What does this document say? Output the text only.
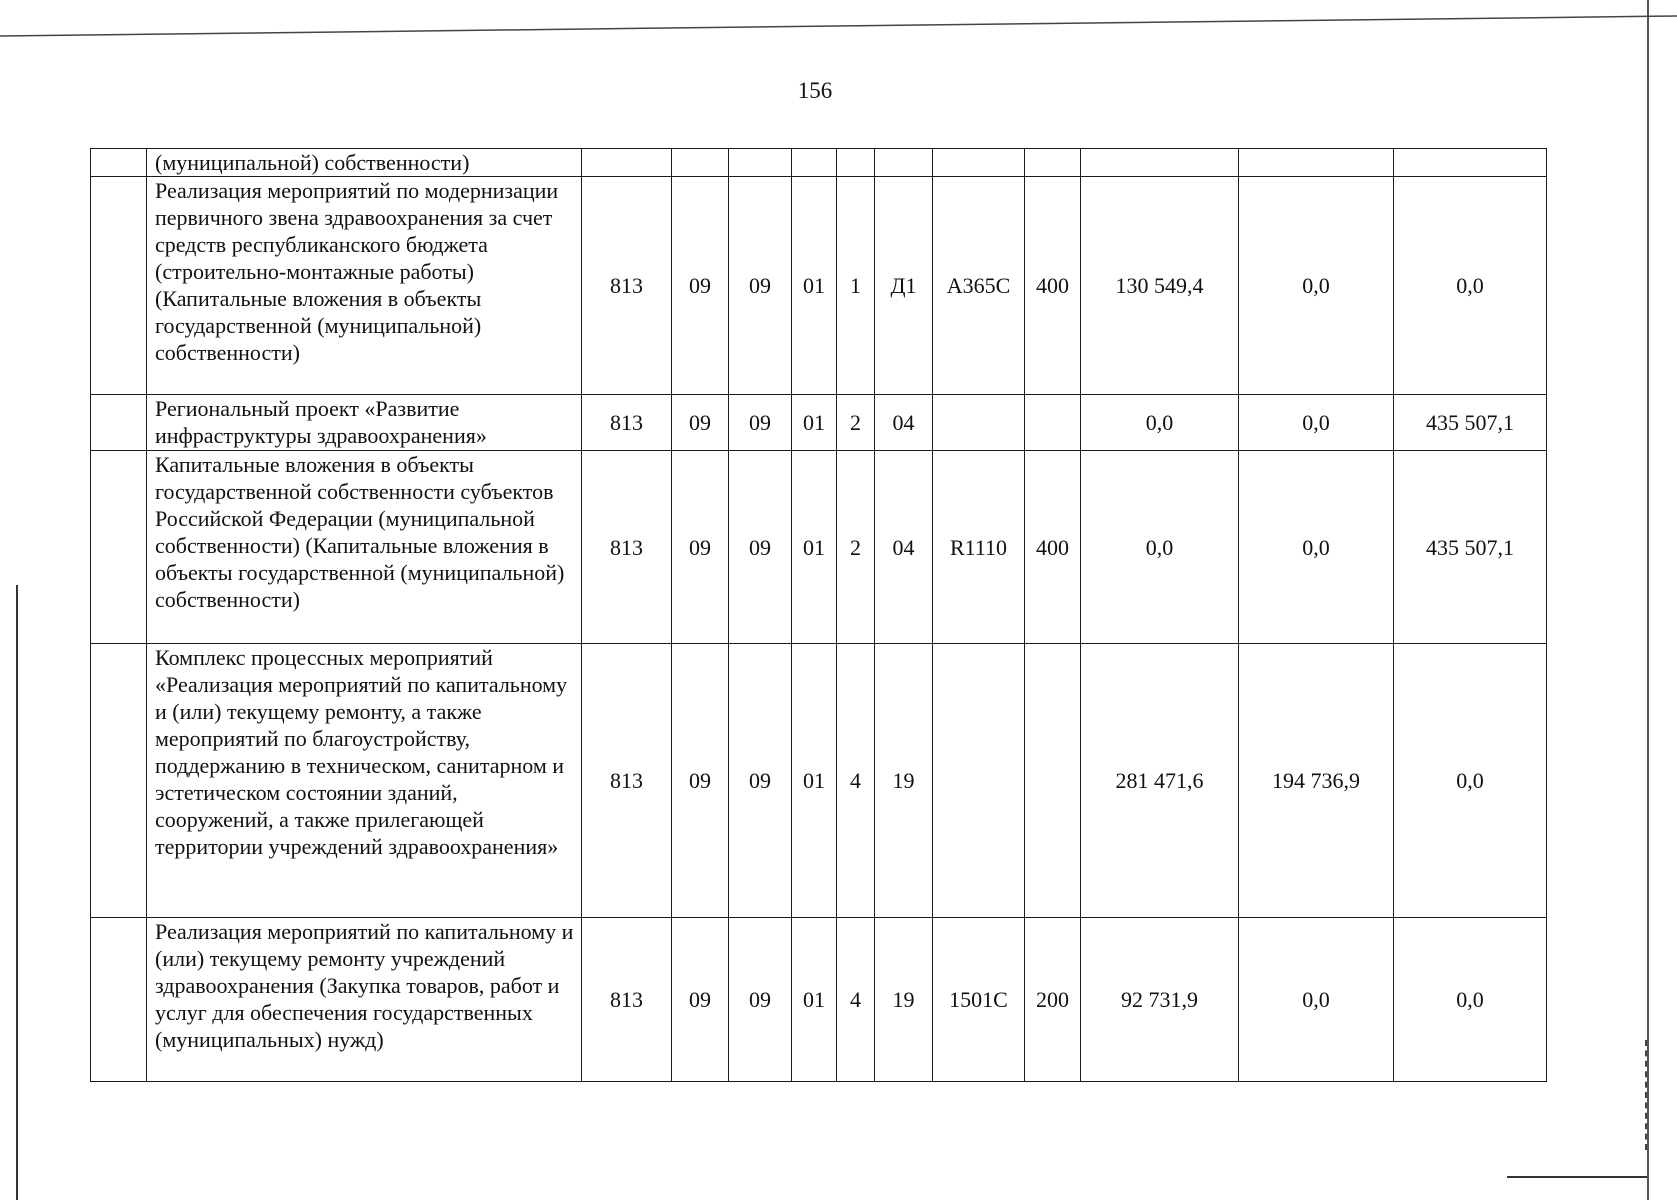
156
	(муниципальной) собственности)											
	Реализация мероприятий по модернизации первичного звена здравоохранения за счет средств республиканского бюджета (строительно-монтажные работы) (Капитальные вложения в объекты государственной (муниципальной) собственности)	813	09	09	01	1	Д1	А365С	400	130 549,4	0,0	0,0
	Региональный проект «Развитие инфраструктуры здравоохранения»	813	09	09	01	2	04			0,0	0,0	435 507,1
	Капитальные вложения в объекты государственной собственности субъектов Российской Федерации (муниципальной собственности) (Капитальные вложения в объекты государственной (муниципальной) собственности)	813	09	09	01	2	04	R1110	400	0,0	0,0	435 507,1
	Комплекс процессных мероприятий «Реализация мероприятий по капитальному и (или) текущему ремонту, а также мероприятий по благоустройству, поддержанию в техническом, санитарном и эстетическом состоянии зданий, сооружений, а также прилегающей территории учреждений здравоохранения»	813	09	09	01	4	19			281 471,6	194 736,9	0,0
	Реализация мероприятий по капитальному и (или) текущему ремонту учреждений здравоохранения (Закупка товаров, работ и услуг для обеспечения государственных (муниципальных) нужд)	813	09	09	01	4	19	1501С	200	92 731,9	0,0	0,0
